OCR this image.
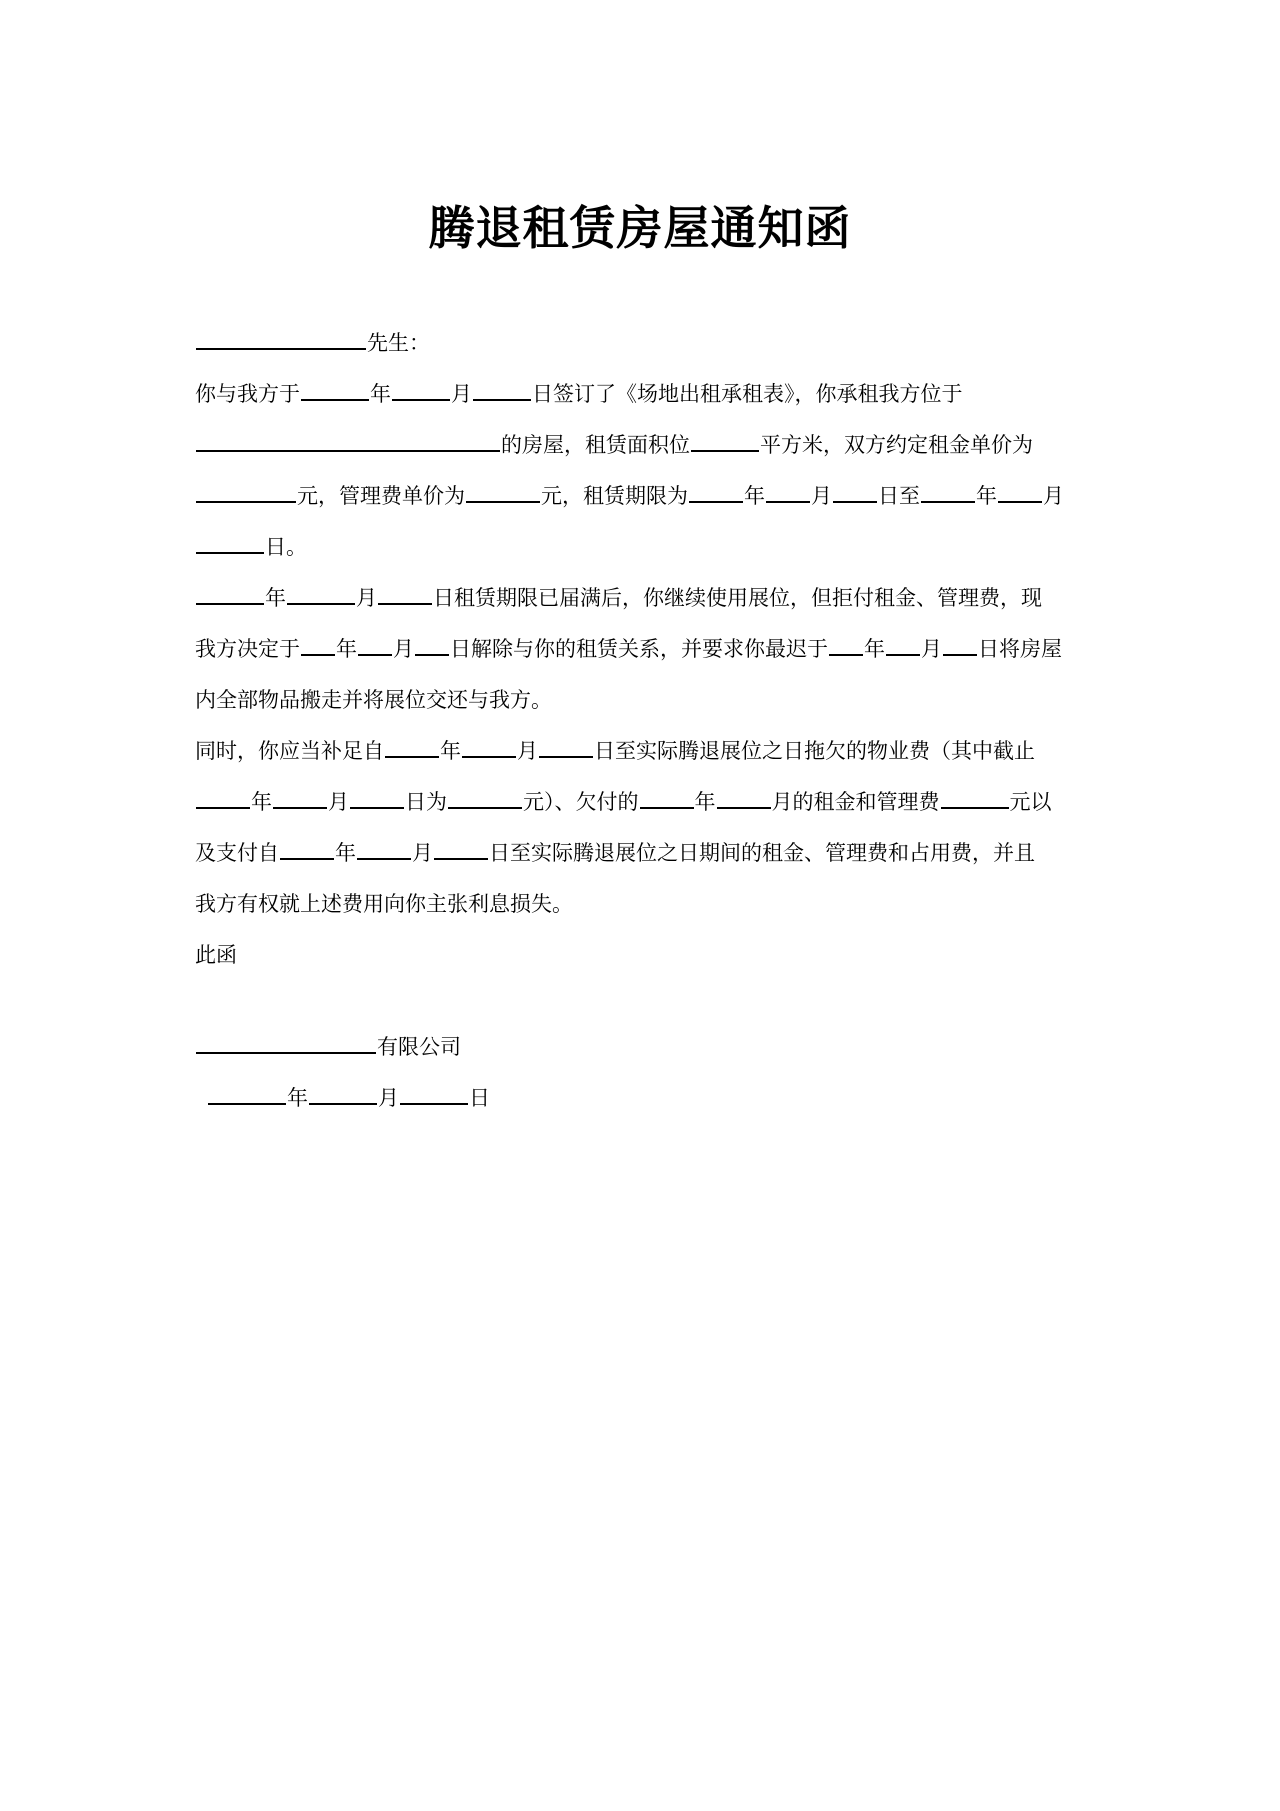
腾退租赁房屋通知函
先生：
你与我方于	年	月	日签订了《场地出租承租表》，你承租我方位于
的房屋，租赁面积位	平方米，双方约定租金单价为
元，管理费单价为	元，租赁期限为	年 月 日至	年 月
日。
年	月	日租赁期限已届满后，你继续使用展位，但拒付租金、管理费，现
我方决定于 年 月 日解除与你的租赁关系，并要求你最迟于 年 月 日将房屋
内全部物品搬走并将展位交还与我方。
同时，你应当补足自	年	月	日至实际腾退展位之日拖欠的物业费（其中截止
年	月	日为	元）、欠付的	年	月的租金和管理费	元以
及支付自	年	月	日至实际腾退展位之日期间的租金、管理费和占用费，并且
我方有权就上述费用向你主张利息损失。
此函
有限公司
年	月	日
